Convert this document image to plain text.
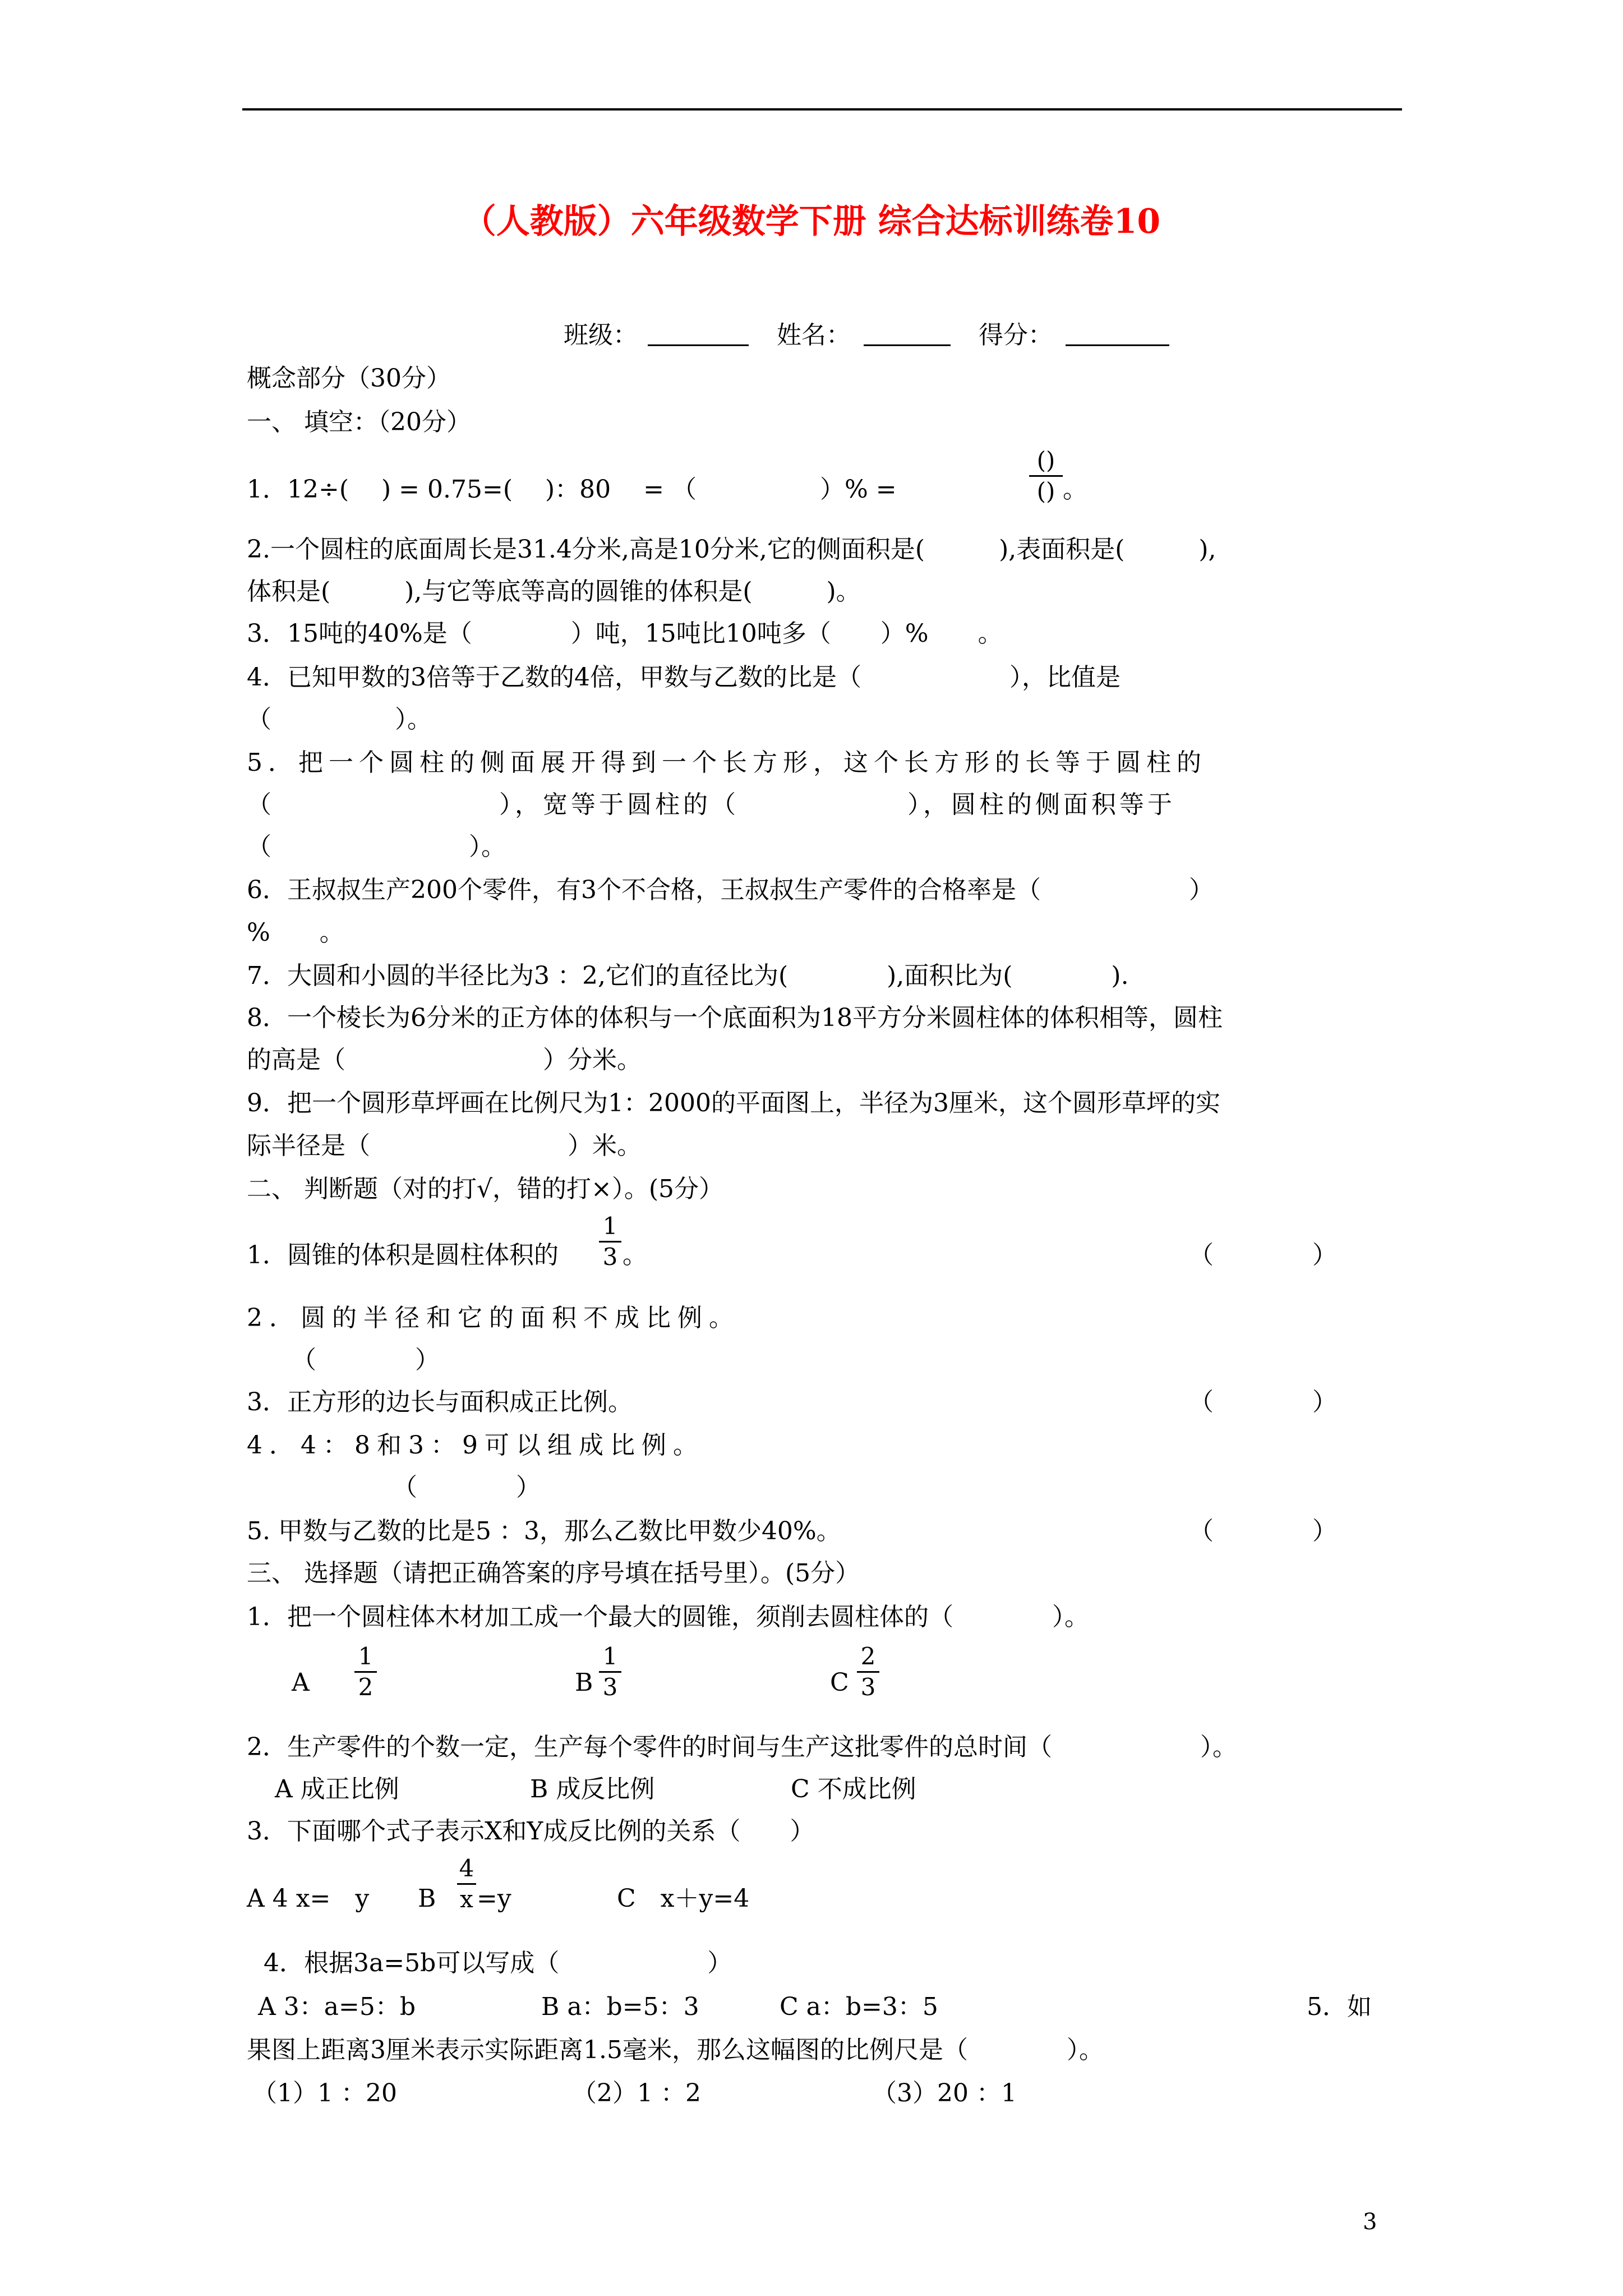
（人教版）六年级数学下册 综合达标训练卷10
班级：	姓名：	得分：
概念部分（30分）
一、 填空：（20分）
1．12÷(　 ) = 0.75=(　 )：80　 = （　　　　　）% =
()
() 。
2.一个圆柱的底面周长是31.4分米,高是10分米,它的侧面积是(　　　),表面积是(　　　),
体积是(　　　),与它等底等高的圆锥的体积是(　　　)。
3．15吨的40%是（　　　　）吨，15吨比10吨多（　　）%　　。
4．已知甲数的3倍等于乙数的4倍，甲数与乙数的比是（　　　　　　），比值是
（　　　　　）。
5．把一个圆柱的侧面展开得到一个长方形，这个长方形的长等于圆柱的
（　　　　　　　　），宽等于圆柱的（　　　　　　），圆柱的侧面积等于
（　　　　　　　　）。
6．王叔叔生产200个零件，有3个不合格，王叔叔生产零件的合格率是（　　　　　　）
%　　。
7．大圆和小圆的半径比为3 ：2,它们的直径比为(　　　　),面积比为(　　　　).
8．一个棱长为6分米的正方体的体积与一个底面积为18平方分米圆柱体的体积相等，圆柱
的高是（　　　　　　　　）分米。
9．把一个圆形草坪画在比例尺为1：2000的平面图上，半径为3厘米，这个圆形草坪的实
际半径是（　　　　　　　　）米。
二、 判断题（对的打√，错的打×）。(5分）
1．圆锥的体积是圆柱体积的
1
3 。	（　　　　）
2．圆的半径和它的面积不成比例。
（　　　　）
3．正方形的边长与面积成正比例。	（　　　　）
4．4：8和3：9可以组成比例。
（　　　　）
5. 甲数与乙数的比是5 ：3，那么乙数比甲数少40%。	（　　　　）
三、 选择题（请把正确答案的序号填在括号里）。(5分）
1．把一个圆柱体木材加工成一个最大的圆锥，须削去圆柱体的（　　　　）。
A
1
2	B
1
3	C
2
3
2．生产零件的个数一定，生产每个零件的时间与生产这批零件的总时间（　　　　　　）。
A 成正比例	B 成反比例	C 不成比例
3．下面哪个式子表示X和Y成反比例的关系（　　）
A 4 x=　y B
4
x =y	C　x＋y=4
4．根据3a=5b可以写成（　　　　　　）
A 3：a=5：b	B a：b=5：3	C a：b=3：5	5．如
果图上距离3厘米表示实际距离1.5毫米，那么这幅图的比例尺是（　　　　）。
（1）1 ：20	（2）1 ：2	（3）20 ：1
3
